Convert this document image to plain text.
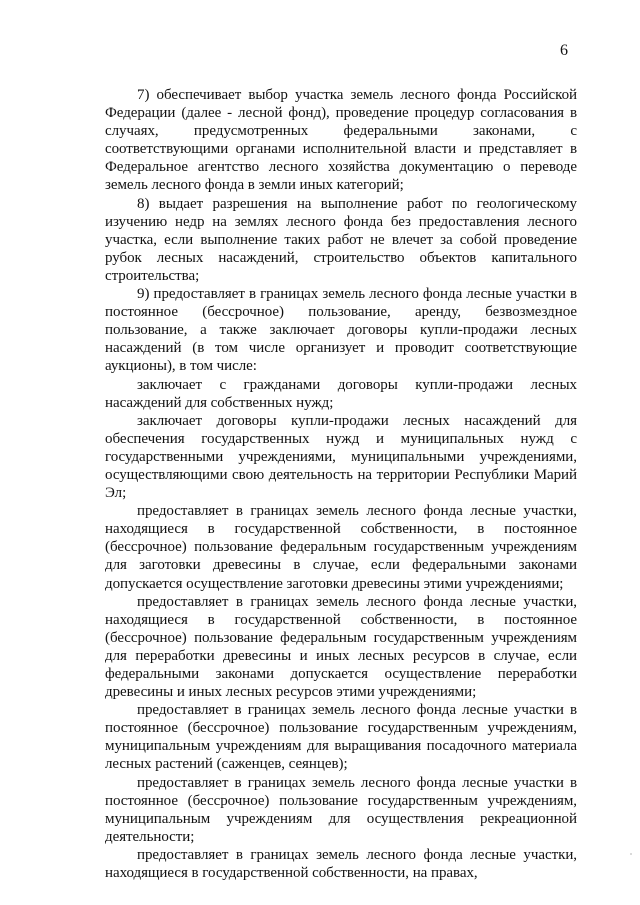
6

7) обеспечивает выбор участка земель лесного фонда Российской Федерации (далее - лесной фонд), проведение процедур согласования в случаях, предусмотренных федеральными законами, с соответствующими органами исполнительной власти и представляет в Федеральное агентство лесного хозяйства документацию о переводе земель лесного фонда в земли иных категорий;

8) выдает разрешения на выполнение работ по геологическому изучению недр на землях лесного фонда без предоставления лесного участка, если выполнение таких работ не влечет за собой проведение рубок лесных насаждений, строительство объектов капитального строительства;

9) предоставляет в границах земель лесного фонда лесные участки в постоянное (бессрочное) пользование, аренду, безвозмездное пользование, а также заключает договоры купли-продажи лесных насаждений (в том числе организует и проводит соответствующие аукционы), в том числе:

заключает с гражданами договоры купли-продажи лесных насаждений для собственных нужд;

заключает договоры купли-продажи лесных насаждений для обеспечения государственных нужд и муниципальных нужд с государственными учреждениями, муниципальными учреждениями, осуществляющими свою деятельность на территории Республики Марий Эл;

предоставляет в границах земель лесного фонда лесные участки, находящиеся в государственной собственности, в постоянное (бессрочное) пользование федеральным государственным учреждениям для заготовки древесины в случае, если федеральными законами допускается осуществление заготовки древесины этими учреждениями;

предоставляет в границах земель лесного фонда лесные участки, находящиеся в государственной собственности, в постоянное (бессрочное) пользование федеральным государственным учреждениям для переработки древесины и иных лесных ресурсов в случае, если федеральными законами допускается осуществление переработки древесины и иных лесных ресурсов этими учреждениями;

предоставляет в границах земель лесного фонда лесные участки в постоянное (бессрочное) пользование государственным учреждениям, муниципальным учреждениям для выращивания посадочного материала лесных растений (саженцев, сеянцев);

предоставляет в границах земель лесного фонда лесные участки в постоянное (бессрочное) пользование государственным учреждениям, муниципальным учреждениям для осуществления рекреационной деятельности;

предоставляет в границах земель лесного фонда лесные участки, находящиеся в государственной собственности, на правах,
